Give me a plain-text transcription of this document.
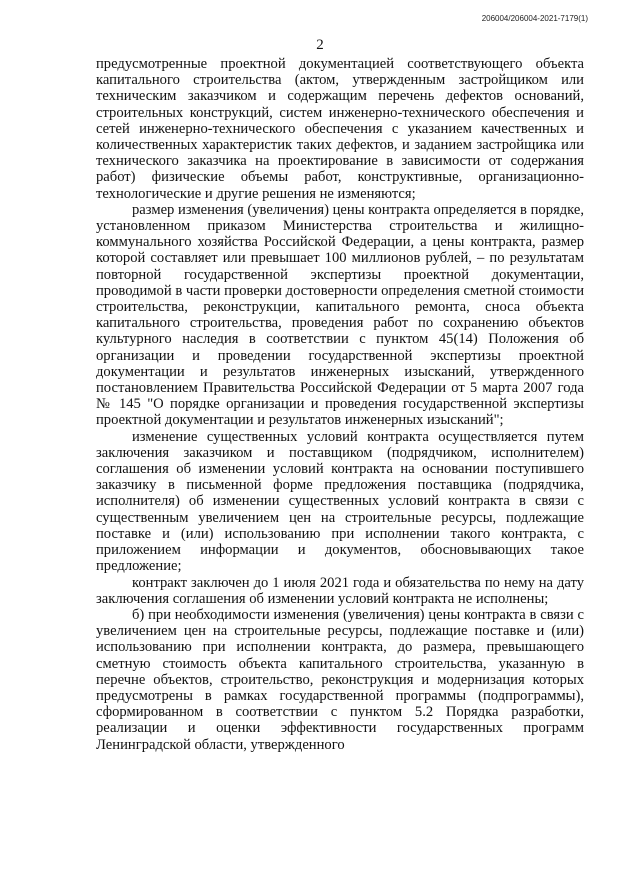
206004/206004-2021-7179(1)
2

предусмотренные проектной документацией соответствующего объекта капитального строительства (актом, утвержденным застройщиком или техническим заказчиком и содержащим перечень дефектов оснований, строительных конструкций, систем инженерно-технического обеспечения и сетей инженерно-технического обеспечения с указанием качественных и количественных характеристик таких дефектов, и заданием застройщика или технического заказчика на проектирование в зависимости от содержания работ) физические объемы работ, конструктивные, организационно-технологические и другие решения не изменяются;

размер изменения (увеличения) цены контракта определяется в порядке, установленном приказом Министерства строительства и жилищно-коммунального хозяйства Российской Федерации, а цены контракта, размер которой составляет или превышает 100 миллионов рублей, – по результатам повторной государственной экспертизы проектной документации, проводимой в части проверки достоверности определения сметной стоимости строительства, реконструкции, капитального ремонта, сноса объекта капитального строительства, проведения работ по сохранению объектов культурного наследия в соответствии с пунктом 45(14) Положения об организации и проведении государственной экспертизы проектной документации и результатов инженерных изысканий, утвержденного постановлением Правительства Российской Федерации от 5 марта 2007 года № 145 "О порядке организации и проведения государственной экспертизы проектной документации и результатов инженерных изысканий";

изменение существенных условий контракта осуществляется путем заключения заказчиком и поставщиком (подрядчиком, исполнителем) соглашения об изменении условий контракта на основании поступившего заказчику в письменной форме предложения поставщика (подрядчика, исполнителя) об изменении существенных условий контракта в связи с существенным увеличением цен на строительные ресурсы, подлежащие поставке и (или) использованию при исполнении такого контракта, с приложением информации и документов, обосновывающих такое предложение;

контракт заключен до 1 июля 2021 года и обязательства по нему на дату заключения соглашения об изменении условий контракта не исполнены;

б) при необходимости изменения (увеличения) цены контракта в связи с увеличением цен на строительные ресурсы, подлежащие поставке и (или) использованию при исполнении контракта, до размера, превышающего сметную стоимость объекта капитального строительства, указанную в перечне объектов, строительство, реконструкция и модернизация которых предусмотрены в рамках государственной программы (подпрограммы), сформированном в соответствии с пунктом 5.2 Порядка разработки, реализации и оценки эффективности государственных программ Ленинградской области, утвержденного
